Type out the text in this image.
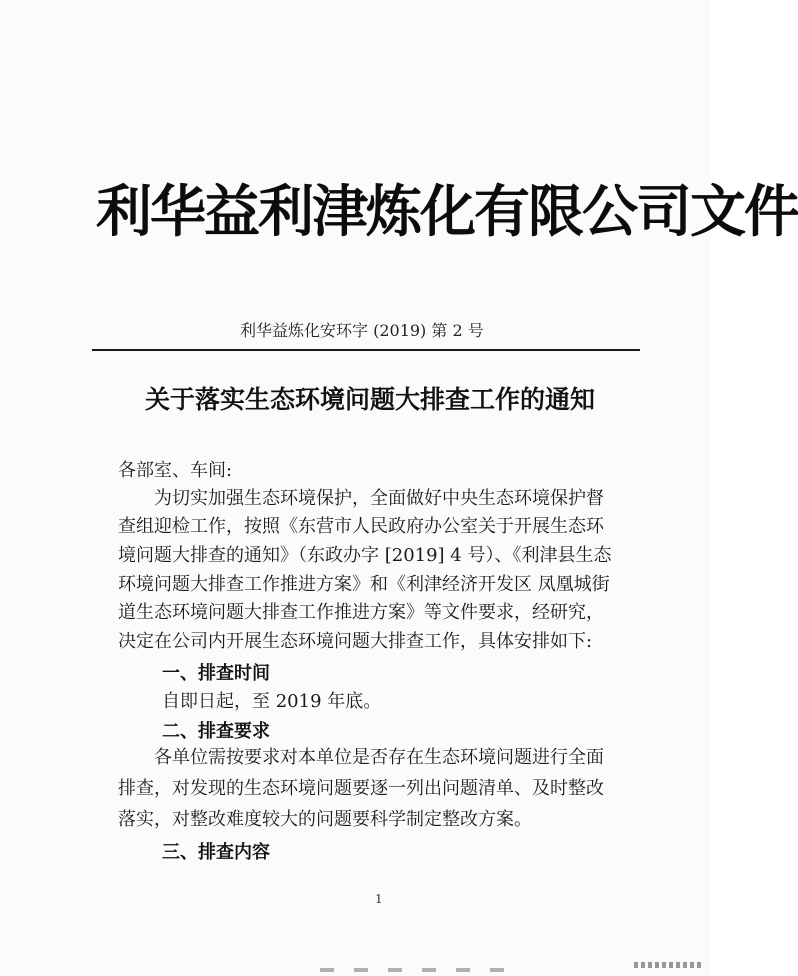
利华益利津炼化有限公司文件
利华益炼化安环字 (2019) 第 2 号
关于落实生态环境问题大排查工作的通知
各部室、车间:
　　为切实加强生态环境保护，全面做好中央生态环境保护督
查组迎检工作，按照《东营市人民政府办公室关于开展生态环
境问题大排查的通知》（东政办字 [2019] 4 号）、《利津县生态
环境问题大排查工作推进方案》和《利津经济开发区 凤凰城街
道生态环境问题大排查工作推进方案》等文件要求，经研究，
决定在公司内开展生态环境问题大排查工作，具体安排如下:
一、排查时间
自即日起，至 2019 年底。
二、排查要求
　　各单位需按要求对本单位是否存在生态环境问题进行全面
排查，对发现的生态环境问题要逐一列出问题清单、及时整改
落实，对整改难度较大的问题要科学制定整改方案。
三、排查内容
1
